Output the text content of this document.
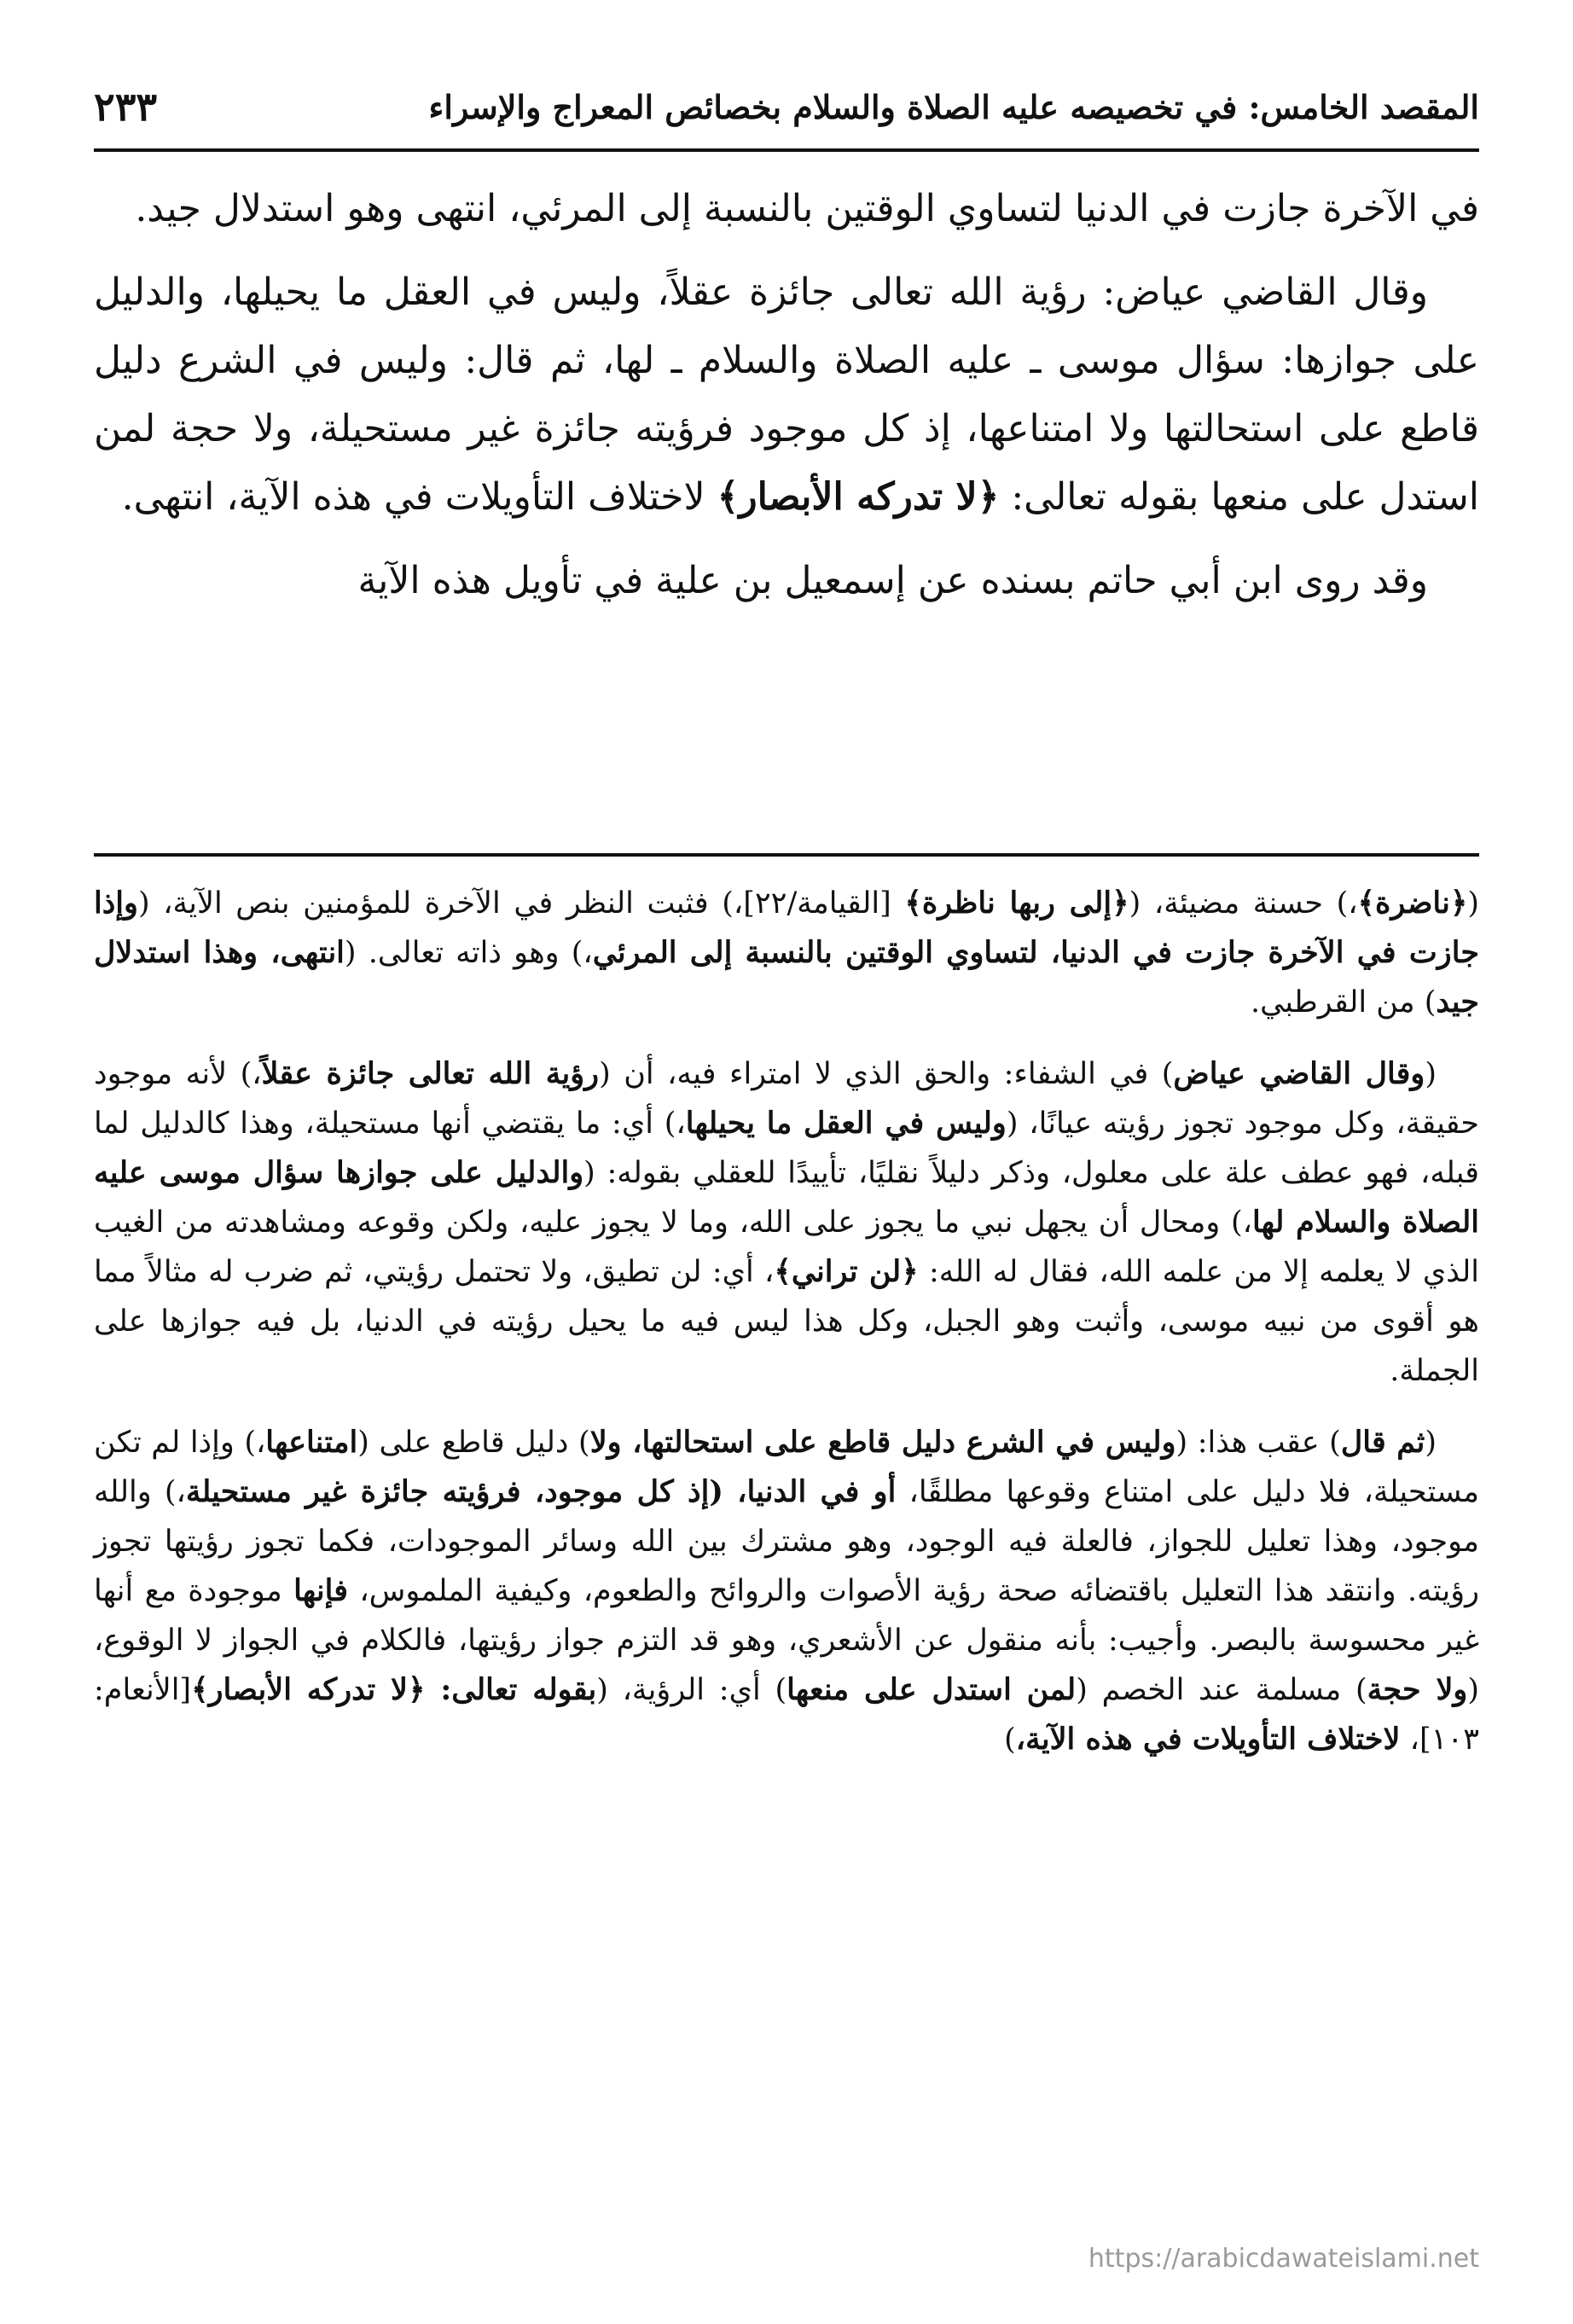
المقصد الخامس: في تخصيصه عليه الصلاة والسلام بخصائص المعراج والإسراء
٢٣٣

في الآخرة جازت في الدنيا لتساوي الوقتين بالنسبة إلى المرئي، انتهى وهو استدلال جيد.

وقال القاضي عياض: رؤية الله تعالى جائزة عقلاً، وليس في العقل ما يحيلها، والدليل على جوازها: سؤال موسى ـ عليه الصلاة والسلام ـ لها، ثم قال: وليس في الشرع دليل قاطع على استحالتها ولا امتناعها، إذ كل موجود فرؤيته جائزة غير مستحيلة، ولا حجة لمن استدل على منعها بقوله تعالى: ﴿لا تدركه الأبصار﴾ لاختلاف التأويلات في هذه الآية، انتهى.

وقد روى ابن أبي حاتم بسنده عن إسمعيل بن علية في تأويل هذه الآية

(﴿ناضرة﴾،) حسنة مضيئة، (﴿إلى ربها ناظرة﴾ [القيامة/٢٢]،) فثبت النظر في الآخرة للمؤمنين بنص الآية، (وإذا جازت في الآخرة جازت في الدنيا، لتساوي الوقتين بالنسبة إلى المرئي،) وهو ذاته تعالى. (انتهى، وهذا استدلال جيد) من القرطبي.

(وقال القاضي عياض) في الشفاء: والحق الذي لا امتراء فيه، أن (رؤية الله تعالى جائزة عقلاً،) لأنه موجود حقيقة، وكل موجود تجوز رؤيته عيانًا، (وليس في العقل ما يحيلها،) أي: ما يقتضي أنها مستحيلة، وهذا كالدليل لما قبله، فهو عطف علة على معلول، وذكر دليلاً نقليًا، تأييدًا للعقلي بقوله: (والدليل على جوازها سؤال موسى عليه الصلاة والسلام لها،) ومحال أن يجهل نبي ما يجوز على الله، وما لا يجوز عليه، ولكن وقوعه ومشاهدته من الغيب الذي لا يعلمه إلا من علمه الله، فقال له الله: ﴿لن تراني﴾، أي: لن تطيق، ولا تحتمل رؤيتي، ثم ضرب له مثالاً مما هو أقوى من نبيه موسى، وأثبت وهو الجبل، وكل هذا ليس فيه ما يحيل رؤيته في الدنيا، بل فيه جوازها على الجملة.

(ثم قال) عقب هذا: (وليس في الشرع دليل قاطع على استحالتها، ولا) دليل قاطع على (امتناعها،) وإذا لم تكن مستحيلة، فلا دليل على امتناع وقوعها مطلقًا، أو في الدنيا، (إذ كل موجود، فرؤيته جائزة غير مستحيلة،) والله موجود، وهذا تعليل للجواز، فالعلة فيه الوجود، وهو مشترك بين الله وسائر الموجودات، فكما تجوز رؤيتها تجوز رؤيته. وانتقد هذا التعليل باقتضائه صحة رؤية الأصوات والروائح والطعوم، وكيفية الملموس، فإنها موجودة مع أنها غير محسوسة بالبصر. وأجيب: بأنه منقول عن الأشعري، وهو قد التزم جواز رؤيتها، فالكلام في الجواز لا الوقوع، (ولا حجة) مسلمة عند الخصم (لمن استدل على منعها) أي: الرؤية، (بقوله تعالى: ﴿لا تدركه الأبصار﴾[الأنعام: ١٠٣]، لاختلاف التأويلات في هذه الآية،)

https://arabicdawateislami.net
